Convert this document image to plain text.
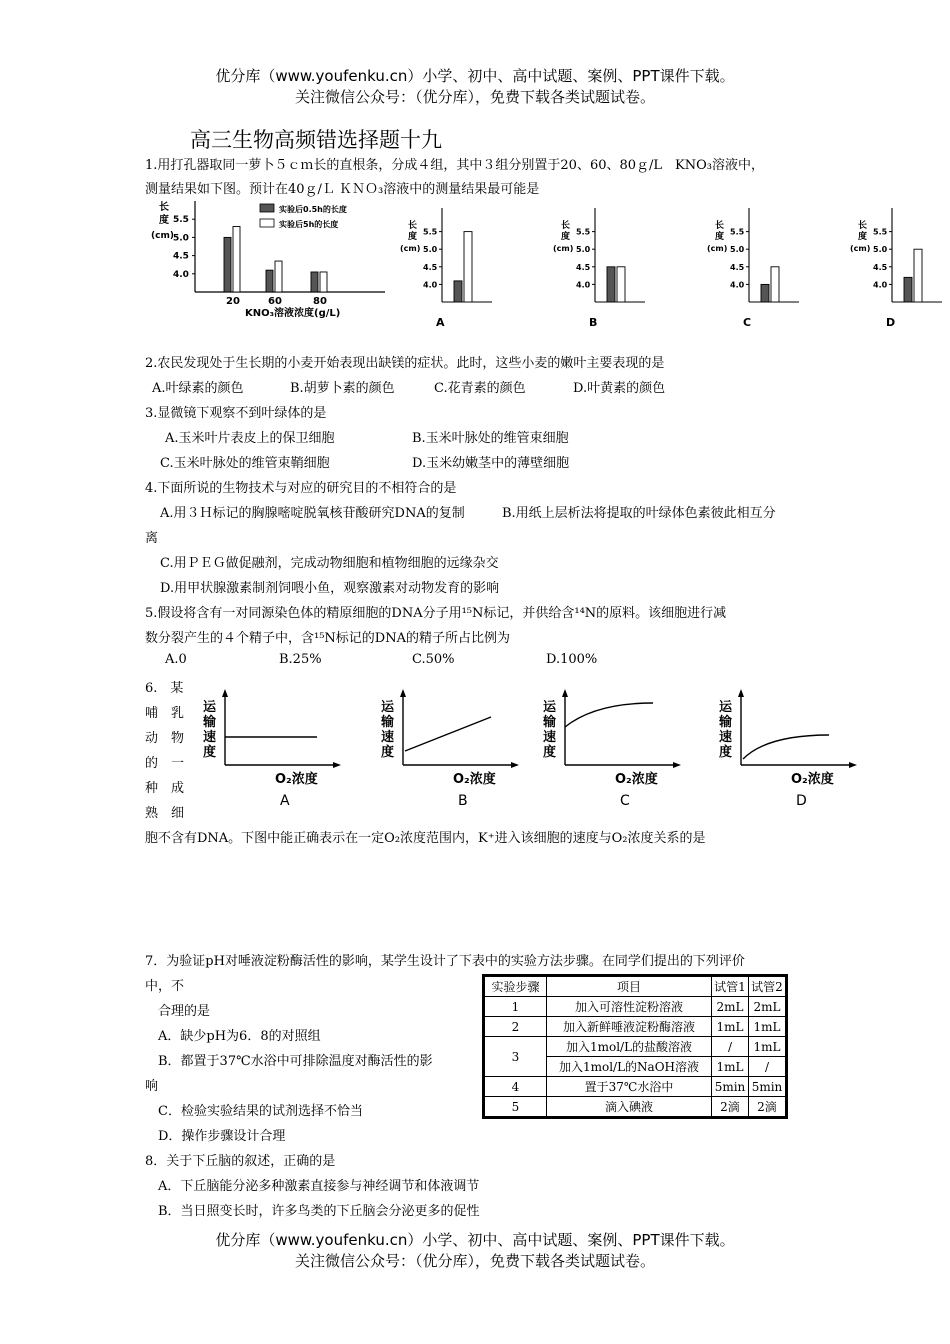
优分库（www.youfenku.cn）小学、初中、高中试题、案例、PPT课件下载。
关注微信公众号：（优分库），免费下载各类试题试卷。
高三生物高频错选择题十九
1.用打孔器取同一萝卜５ｃｍ长的直根条，分成４组，其中３组分别置于20、60、80ｇ/L　KNO₃溶液中，
测量结果如下图。预计在40ｇ/Ｌ ＫＮＯ₃溶液中的测量结果最可能是
长
度
(cm)
4.0
4.5
5.0
5.5
20	60	80
实验后0.5h的长度
实验后5h的长度
KNO₃溶液浓度(g/L)
长
度
(cm)
4.0
4.5
5.0
5.5
A
长
度
(cm)
4.0
4.5
5.0
5.5
B
长
度
(cm)
4.0
4.5
5.0
5.5
C
长
度
(cm)
4.0
4.5
5.0
5.5
D
2.农民发现处于生长期的小麦开始表现出缺镁的症状。此时，这些小麦的嫩叶主要表现的是
A.叶绿素的颜色	B.胡萝卜素的颜色	C.花青素的颜色	D.叶黄素的颜色
3.显微镜下观察不到叶绿体的是
A.玉米叶片表皮上的保卫细胞	B.玉米叶脉处的维管束细胞
C.玉米叶脉处的维管束鞘细胞	D.玉米幼嫩茎中的薄壁细胞
4.下面所说的生物技术与对应的研究目的不相符合的是
A.用３Ｈ标记的胸腺嘧啶脱氧核苷酸研究DNA的复制	B.用纸上层析法将提取的叶绿体色素彼此相互分
离
C.用ＰＥＧ做促融剂，完成动物细胞和植物细胞的远缘杂交
D.用甲状腺激素制剂饲喂小鱼，观察激素对动物发育的影响
5.假设将含有一对同源染色体的精原细胞的DNA分子用¹⁵N标记，并供给含¹⁴N的原料。该细胞进行减
数分裂产生的４个精子中，含¹⁵N标记的DNA的精子所占比例为
A.0	B.25%	C.50%	D.100%
6.　某
哺　乳
动　物
的　一
种　成
熟　细
胞不含有DNA。下图中能正确表示在一定O₂浓度范围内，K⁺进入该细胞的速度与O₂浓度关系的是
运
输
速
度
O₂浓度
A
运
输
速
度
O₂浓度
B
运
输
速
度
O₂浓度
C
运
输
速
度
O₂浓度
D
7．为验证pH对唾液淀粉酶活性的影响，某学生设计了下表中的实验方法步骤。在同学们提出的下列评价
中，不
合理的是
A．缺少pH为6．8的对照组
B．都置于37℃水浴中可排除温度对酶活性的影
响
C．检验实验结果的试剂选择不恰当
D．操作步骤设计合理
实验步骤	项目	试管1	试管2
1	加入可溶性淀粉溶液	2mL	2mL
2	加入新鲜唾液淀粉酶溶液	1mL	1mL
3	加入1mol/L的盐酸溶液	/	1mL
	加入1mol/L的NaOH溶液	1mL	/
4	置于37℃水浴中	5min	5min
5	滴入碘液	2滴	2滴
8．关于下丘脑的叙述，正确的是
A．下丘脑能分泌多种激素直接参与神经调节和体液调节
B．当日照变长时，许多鸟类的下丘脑会分泌更多的促性
优分库（www.youfenku.cn）小学、初中、高中试题、案例、PPT课件下载。
关注微信公众号：（优分库），免费下载各类试题试卷。
